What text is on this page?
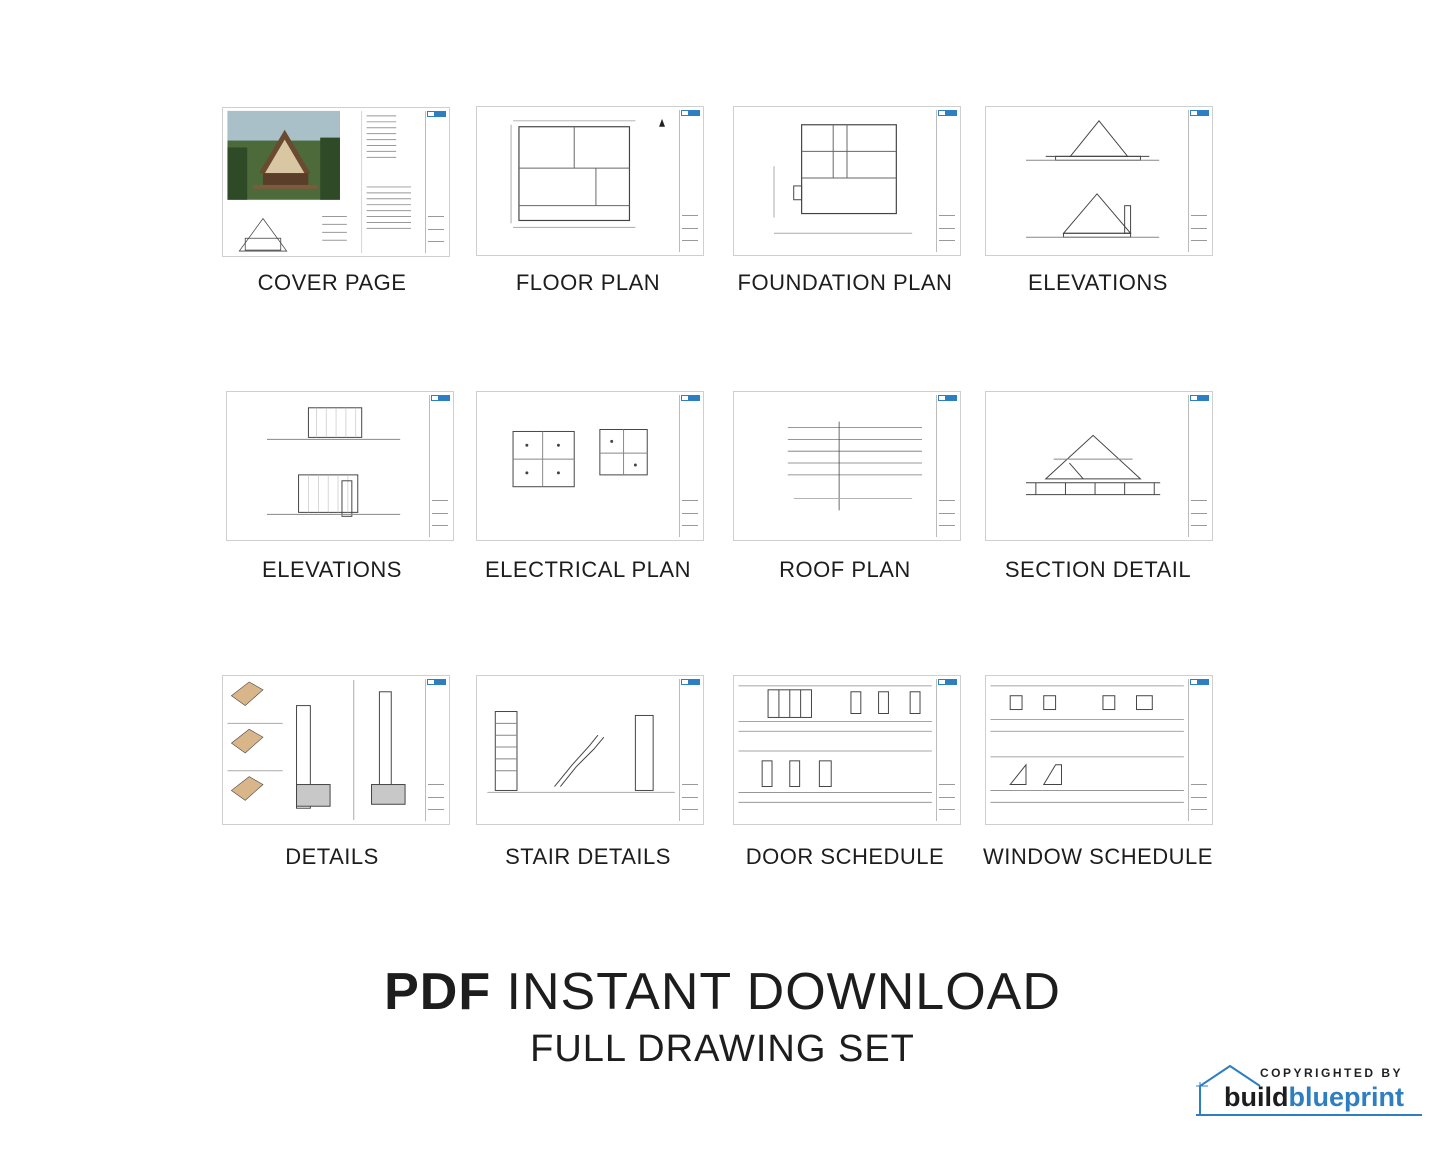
COVER PAGE	FLOOR PLAN	FOUNDATION PLAN	ELEVATIONS
ELEVATIONS	ELECTRICAL PLAN	ROOF PLAN	SECTION DETAIL
DETAILS	STAIR DETAILS	DOOR SCHEDULE	WINDOW SCHEDULE
PDF INSTANT DOWNLOAD
FULL DRAWING SET
COPYRIGHTED BY
buildblueprint
